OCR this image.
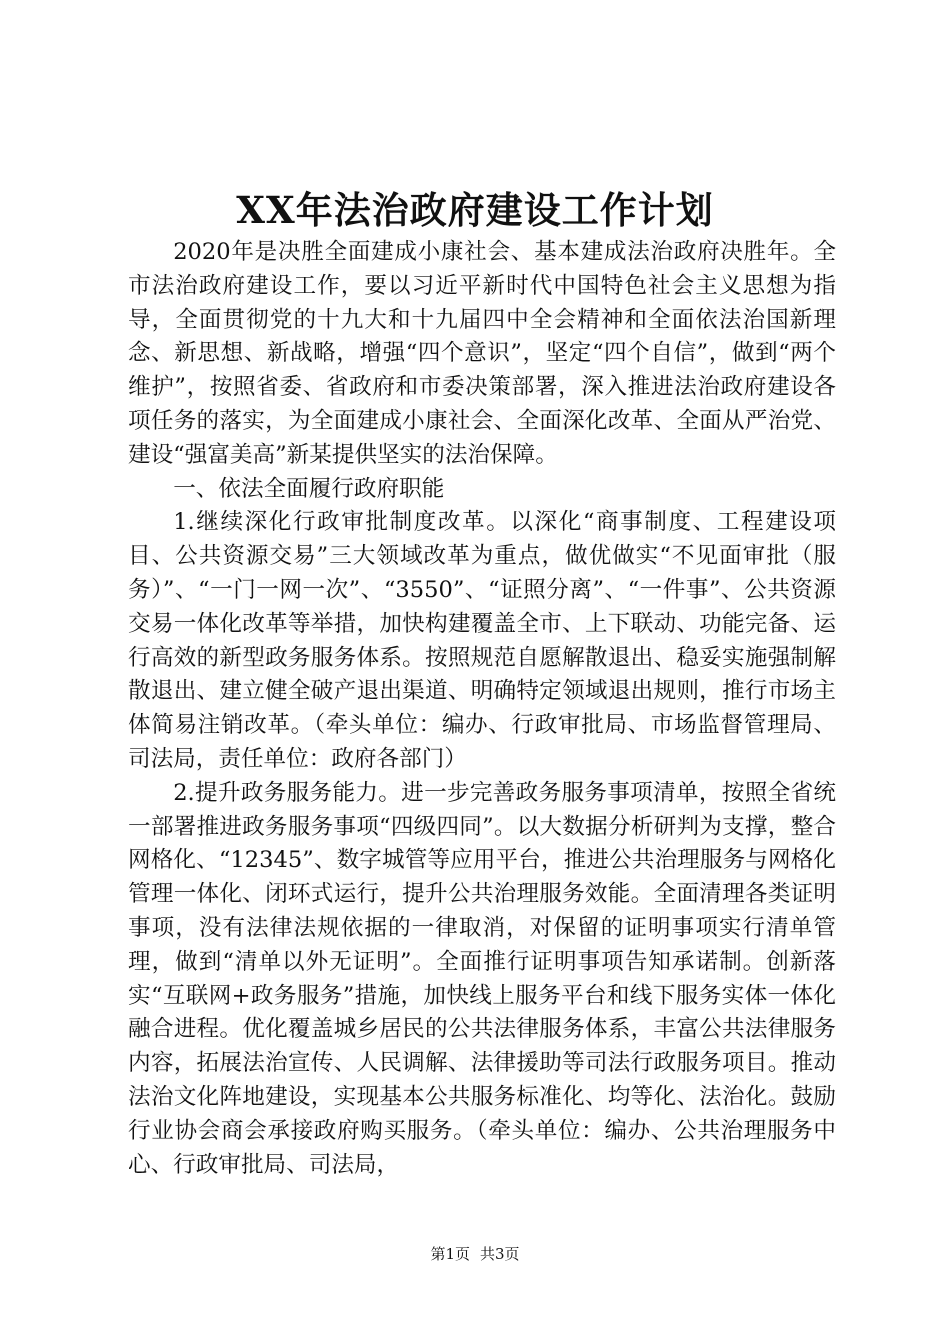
XX年法治政府建设工作计划

2020年是决胜全面建成小康社会、基本建成法治政府决胜年。全市法治政府建设工作，要以习近平新时代中国特色社会主义思想为指导，全面贯彻党的十九大和十九届四中全会精神和全面依法治国新理念、新思想、新战略，增强“四个意识”，坚定“四个自信”，做到“两个维护”，按照省委、省政府和市委决策部署，深入推进法治政府建设各项任务的落实，为全面建成小康社会、全面深化改革、全面从严治党、建设“强富美高”新某提供坚实的法治保障。

一、依法全面履行政府职能

1.继续深化行政审批制度改革。以深化“商事制度、工程建设项目、公共资源交易”三大领域改革为重点，做优做实“不见面审批（服务）”、“一门一网一次”、“3550”、“证照分离”、“一件事”、公共资源交易一体化改革等举措，加快构建覆盖全市、上下联动、功能完备、运行高效的新型政务服务体系。按照规范自愿解散退出、稳妥实施强制解散退出、建立健全破产退出渠道、明确特定领域退出规则，推行市场主体简易注销改革。（牵头单位：编办、行政审批局、市场监督管理局、司法局，责任单位：政府各部门）

2.提升政务服务能力。进一步完善政务服务事项清单，按照全省统一部署推进政务服务事项“四级四同”。以大数据分析研判为支撑，整合网格化、“12345”、数字城管等应用平台，推进公共治理服务与网格化管理一体化、闭环式运行，提升公共治理服务效能。全面清理各类证明事项，没有法律法规依据的一律取消，对保留的证明事项实行清单管理，做到“清单以外无证明”。全面推行证明事项告知承诺制。创新落实“互联网+政务服务”措施，加快线上服务平台和线下服务实体一体化融合进程。优化覆盖城乡居民的公共法律服务体系，丰富公共法律服务内容，拓展法治宣传、人民调解、法律援助等司法行政服务项目。推动法治文化阵地建设，实现基本公共服务标准化、均等化、法治化。鼓励行业协会商会承接政府购买服务。（牵头单位：编办、公共治理服务中心、行政审批局、司法局，

第1页 共3页
